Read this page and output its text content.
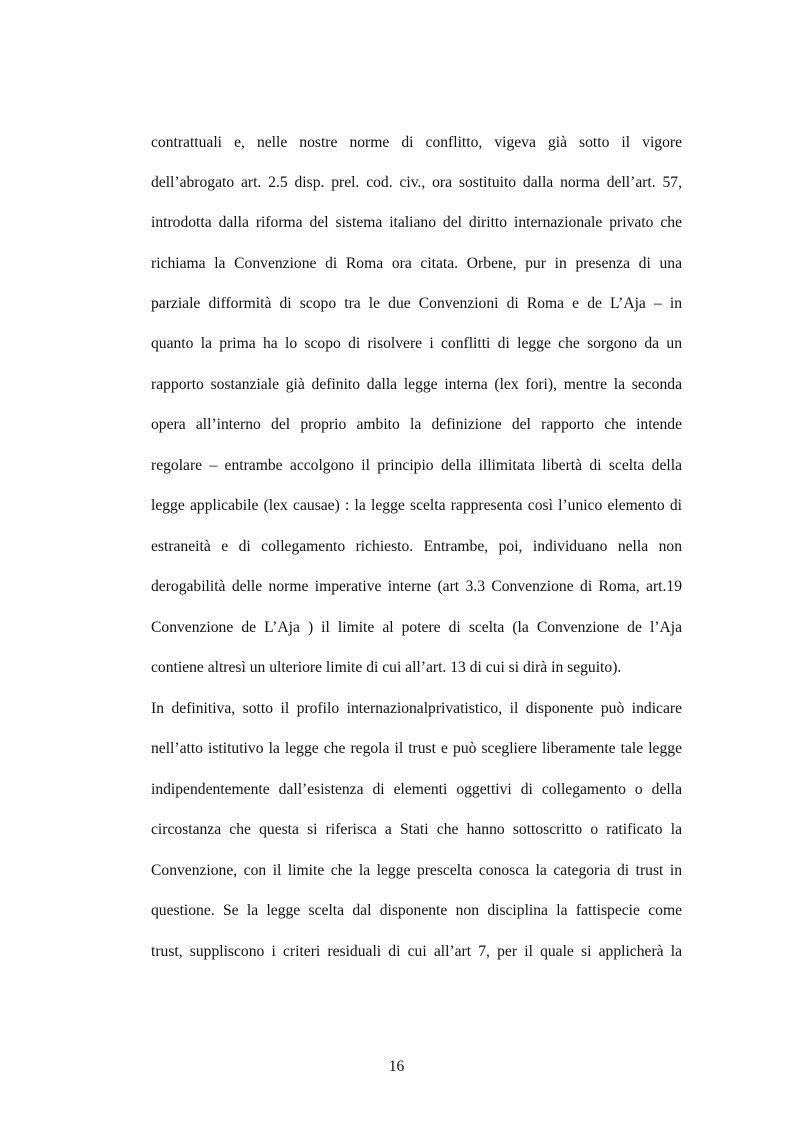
contrattuali e, nelle nostre norme di conflitto, vigeva già sotto il vigore
dell’abrogato art. 2.5 disp. prel. cod. civ., ora sostituito dalla norma dell’art. 57,
introdotta dalla riforma del sistema italiano del diritto internazionale privato che
richiama la Convenzione di Roma ora citata. Orbene, pur in presenza di una
parziale difformità di scopo tra le due Convenzioni di Roma e de L’Aja – in
quanto la prima ha lo scopo di risolvere i conflitti di legge che sorgono da un
rapporto sostanziale già definito dalla legge interna (lex fori), mentre la seconda
opera all’interno del proprio ambito la definizione del rapporto che intende
regolare – entrambe accolgono il principio della illimitata libertà di scelta della
legge applicabile (lex causae) : la legge scelta rappresenta così l’unico elemento di
estraneità e di collegamento richiesto. Entrambe, poi, individuano nella non
derogabilità delle norme imperative interne (art 3.3 Convenzione di Roma, art.19
Convenzione de L’Aja ) il limite al potere di scelta (la Convenzione de l’Aja
contiene altresì un ulteriore limite di cui all’art. 13 di cui si dirà in seguito).
In definitiva, sotto il profilo internazionalprivatistico, il disponente può indicare
nell’atto istitutivo la legge che regola il trust e può scegliere liberamente tale legge
indipendentemente dall’esistenza di elementi oggettivi di collegamento o della
circostanza che questa si riferisca a Stati che hanno sottoscritto o ratificato la
Convenzione, con il limite che la legge prescelta conosca la categoria di trust in
questione. Se la legge scelta dal disponente non disciplina la fattispecie come
trust, suppliscono i criteri residuali di cui all’art 7, per il quale si applicherà la
16
